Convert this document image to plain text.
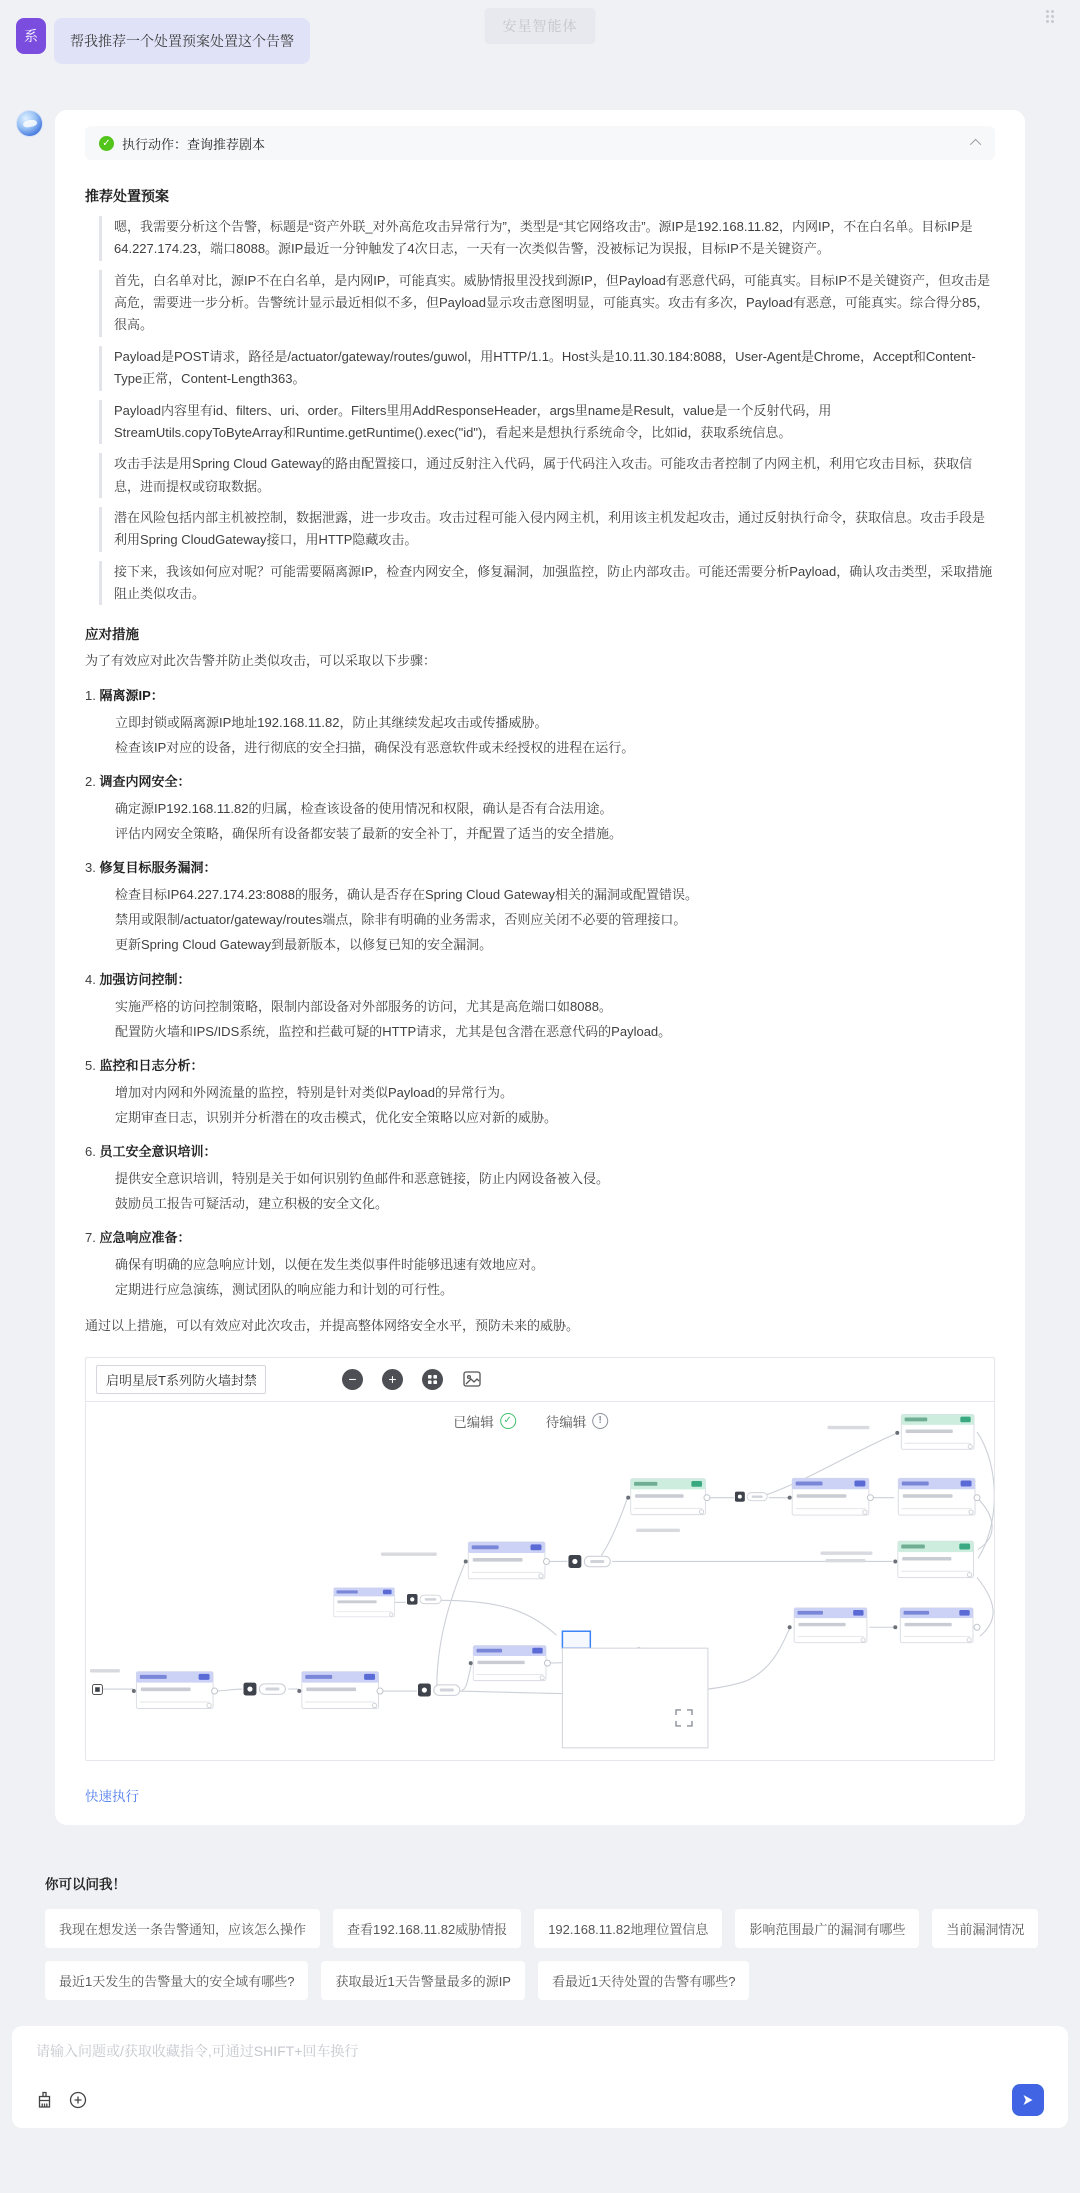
安星智能体
系	帮我推荐一个处置预案处置这个告警
✓ 执行动作：查询推荐剧本
推荐处置预案
嗯，我需要分析这个告警，标题是“资产外联_对外高危攻击异常行为”，类型是“其它网络攻击”。源IP是192.168.11.82，内网IP，不在白名单。目标IP是64.227.174.23，端口8088。源IP最近一分钟触发了4次日志，一天有一次类似告警，没被标记为误报，目标IP不是关键资产。
首先，白名单对比，源IP不在白名单，是内网IP，可能真实。威胁情报里没找到源IP，但Payload有恶意代码，可能真实。目标IP不是关键资产，但攻击是高危，需要进一步分析。告警统计显示最近相似不多，但Payload显示攻击意图明显，可能真实。攻击有多次，Payload有恶意，可能真实。综合得分85，很高。
Payload是POST请求，路径是/actuator/gateway/routes/guwol，用HTTP/1.1。Host头是10.11.30.184:8088，User-Agent是Chrome，Accept和Content-Type正常，Content-Length363。
Payload内容里有id、filters、uri、order。Filters里用AddResponseHeader，args里name是Result，value是一个反射代码，用StreamUtils.copyToByteArray和Runtime.getRuntime().exec("id")，看起来是想执行系统命令，比如id，获取系统信息。
攻击手法是用Spring Cloud Gateway的路由配置接口，通过反射注入代码，属于代码注入攻击。可能攻击者控制了内网主机，利用它攻击目标，获取信息，进而提权或窃取数据。
潜在风险包括内部主机被控制，数据泄露，进一步攻击。攻击过程可能入侵内网主机，利用该主机发起攻击，通过反射执行命令，获取信息。攻击手段是利用Spring CloudGateway接口，用HTTP隐藏攻击。
接下来，我该如何应对呢？可能需要隔离源IP，检查内网安全，修复漏洞，加强监控，防止内部攻击。可能还需要分析Payload，确认攻击类型，采取措施阻止类似攻击。
应对措施
为了有效应对此次告警并防止类似攻击，可以采取以下步骤：
隔离源IP：
立即封锁或隔离源IP地址192.168.11.82，防止其继续发起攻击或传播威胁。
检查该IP对应的设备，进行彻底的安全扫描，确保没有恶意软件或未经授权的进程在运行。
调查内网安全：
确定源IP192.168.11.82的归属，检查该设备的使用情况和权限，确认是否有合法用途。
评估内网安全策略，确保所有设备都安装了最新的安全补丁，并配置了适当的安全措施。
修复目标服务漏洞：
检查目标IP64.227.174.23:8088的服务，确认是否存在Spring Cloud Gateway相关的漏洞或配置错误。
禁用或限制/actuator/gateway/routes端点，除非有明确的业务需求，否则应关闭不必要的管理接口。
更新Spring Cloud Gateway到最新版本，以修复已知的安全漏洞。
加强访问控制：
实施严格的访问控制策略，限制内部设备对外部服务的访问，尤其是高危端口如8088。
配置防火墙和IPS/IDS系统，监控和拦截可疑的HTTP请求，尤其是包含潜在恶意代码的Payload。
监控和日志分析：
增加对内网和外网流量的监控，特别是针对类似Payload的异常行为。
定期审查日志，识别并分析潜在的攻击模式，优化安全策略以应对新的威胁。
员工安全意识培训：
提供安全意识培训，特别是关于如何识别钓鱼邮件和恶意链接，防止内网设备被入侵。
鼓励员工报告可疑活动，建立积极的安全文化。
应急响应准备：
确保有明确的应急响应计划，以便在发生类似事件时能够迅速有效地应对。
定期进行应急演练，测试团队的响应能力和计划的可行性。
通过以上措施，可以有效应对此次攻击，并提高整体网络安全水平，预防未来的威胁。
启明星辰T系列防火墙封禁剧本
−	+
已编辑 ✓	待编辑	!
快速执行
你可以问我！
我现在想发送一条告警通知，应该怎么操作	查看192.168.11.82威胁情报	192.168.11.82地理位置信息	影响范围最广的漏洞有哪些	当前漏洞情况
最近1天发生的告警量大的安全域有哪些?	获取最近1天告警量最多的源IP	看最近1天待处置的告警有哪些?
请输入问题或/获取收藏指令,可通过SHIFT+回车换行
